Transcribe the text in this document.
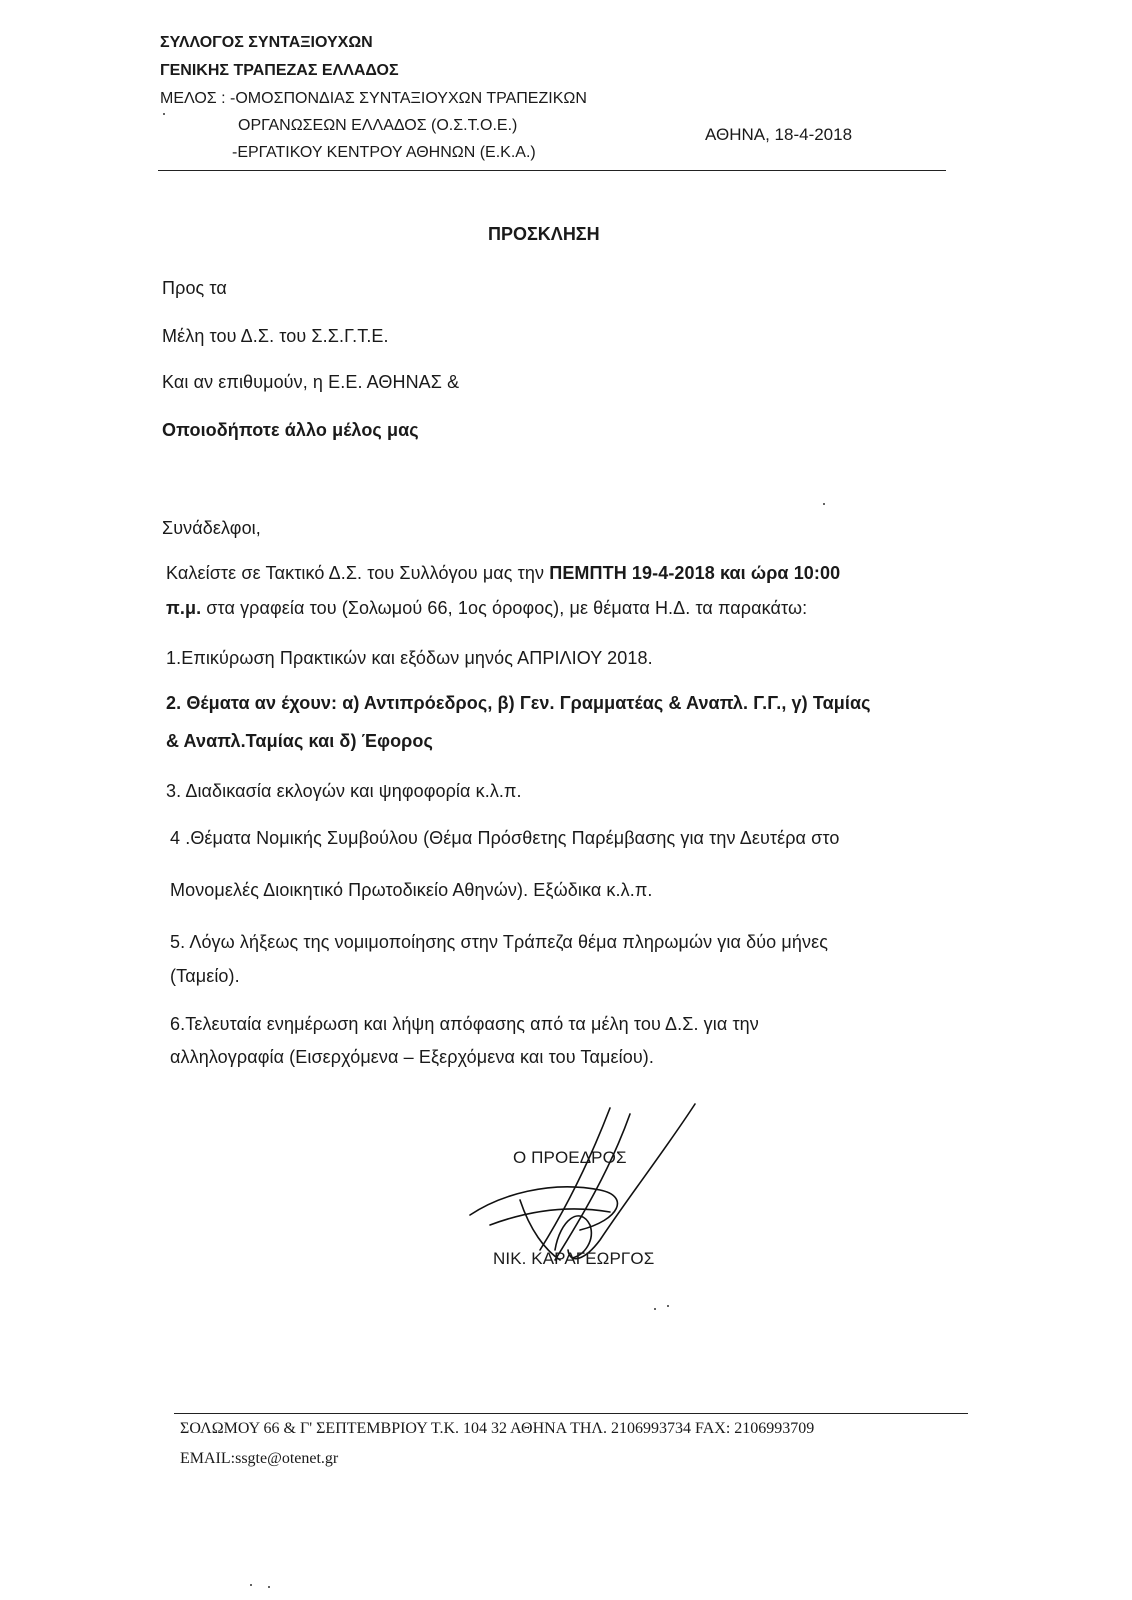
ΣΥΛΛΟΓΟΣ ΣΥΝΤΑΞΙΟΥΧΩΝ
ΓΕΝΙΚΗΣ ΤΡΑΠΕΖΑΣ ΕΛΛΑΔΟΣ
ΜΕΛΟΣ : -ΟΜΟΣΠΟΝΔΙΑΣ ΣΥΝΤΑΞΙΟΥΧΩΝ ΤΡΑΠΕΖΙΚΩΝ
ΟΡΓΑΝΩΣΕΩΝ ΕΛΛΑΔΟΣ (Ο.Σ.Τ.Ο.Ε.)
-ΕΡΓΑΤΙΚΟΥ ΚΕΝΤΡΟΥ ΑΘΗΝΩΝ (Ε.Κ.Α.)
ΑΘΗΝΑ, 18-4-2018
ΠΡΟΣΚΛΗΣΗ
Προς τα
Μέλη του Δ.Σ. του Σ.Σ.Γ.Τ.Ε.
Και αν επιθυμούν, η Ε.Ε. ΑΘΗΝΑΣ &
Οποιοδήποτε άλλο μέλος μας
Συνάδελφοι,
Καλείστε σε Τακτικό Δ.Σ. του Συλλόγου μας την ΠΕΜΠΤΗ 19-4-2018 και ώρα 10:00
π.μ. στα γραφεία του (Σολωμού 66, 1ος όροφος), με θέματα Η.Δ. τα παρακάτω:
1.Επικύρωση Πρακτικών και εξόδων μηνός ΑΠΡΙΛΙΟΥ 2018.
2. Θέματα αν έχουν: α) Αντιπρόεδρος, β) Γεν. Γραμματέας & Αναπλ. Γ.Γ., γ) Ταμίας
& Αναπλ.Ταμίας και δ) Έφορος
3. Διαδικασία εκλογών και ψηφοφορία κ.λ.π.
4 .Θέματα Νομικής Συμβούλου (Θέμα Πρόσθετης Παρέμβασης για την Δευτέρα στο
Μονομελές Διοικητικό Πρωτοδικείο Αθηνών). Εξώδικα κ.λ.π.
5. Λόγω λήξεως της νομιμοποίησης στην Τράπεζα θέμα πληρωμών για δύο μήνες
(Ταμείο).
6.Τελευταία ενημέρωση και λήψη απόφασης από τα μέλη του Δ.Σ. για την
αλληλογραφία (Εισερχόμενα – Εξερχόμενα και του Ταμείου).
Ο ΠΡΟΕΔΡΟΣ
ΝΙΚ. ΚΑΡΑΓΕΩΡΓΟΣ
ΣΟΛΩΜΟΥ 66 & Γ' ΣΕΠΤΕΜΒΡΙΟΥ Τ.Κ. 104 32 ΑΘΗΝΑ ΤΗΛ. 2106993734 FAX: 2106993709
EMAIL:ssgte@otenet.gr
